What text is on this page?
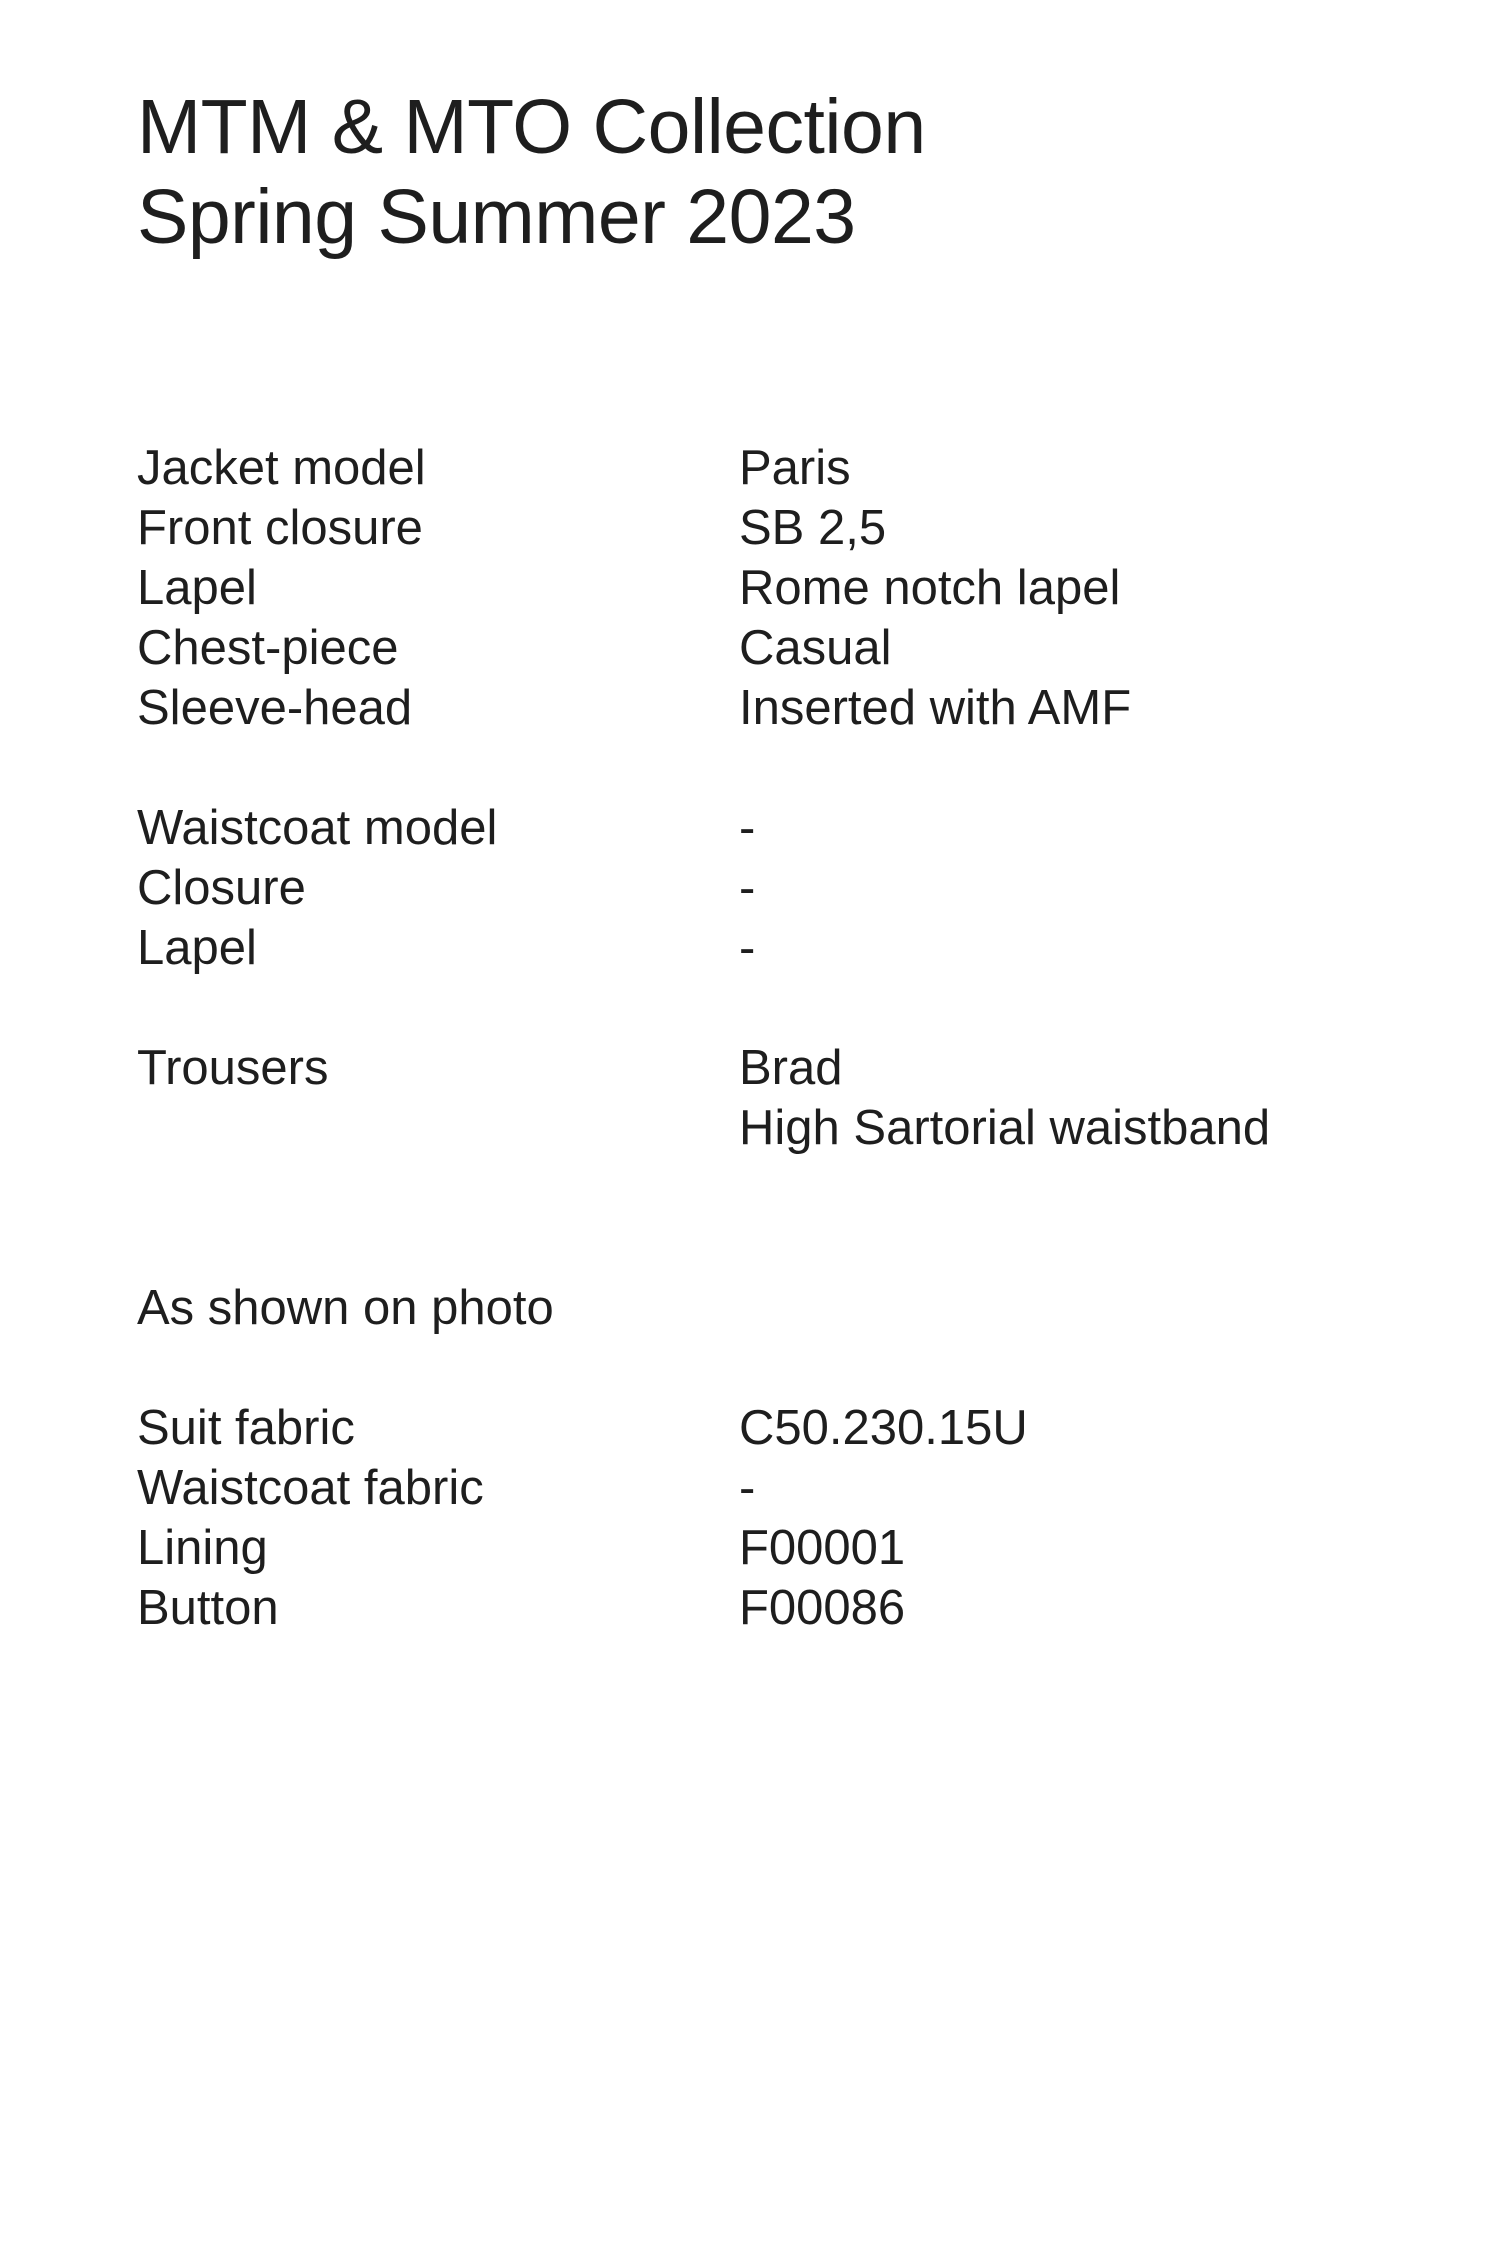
MTM & MTO Collection
Spring Summer 2023
Jacket model	Paris
Front closure	SB 2,5
Lapel	Rome notch lapel
Chest-piece	Casual
Sleeve-head	Inserted with AMF
Waistcoat model	-
Closure	-
Lapel	-
Trousers	Brad
High Sartorial waistband
As shown on photo
Suit fabric	C50.230.15U
Waistcoat fabric	-
Lining	F00001
Button	F00086
